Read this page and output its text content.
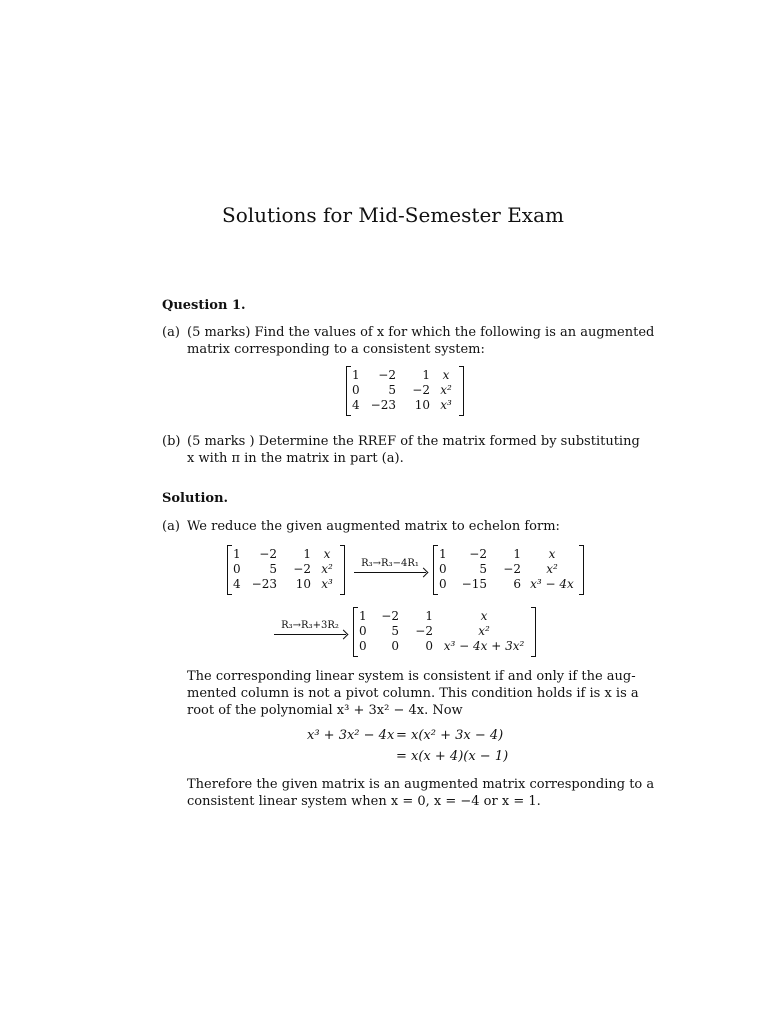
Solutions for Mid-Semester Exam
Question 1.
(a) (5 marks) Find the values of x for which the following is an augmented
matrix corresponding to a consistent system:
1	−2	1	x
0	5	−2 x²
4 −23	10 x³
(b) (5 marks ) Determine the RREF of the matrix formed by substituting
x with π in the matrix in part (a).
Solution.
(a) We reduce the given augmented matrix to echelon form:
1	−2	1	x
0	5	−2 x²
4 −23	10 x³
R₃→R₃−4R₁
1	−2	1	x
0	5	−2	x²
0	−15	6 x³ − 4x
R₃→R₃+3R₂
1	−2	1	x
0	5	−2	x²
0	0	0 x³ − 4x + 3x²
The corresponding linear system is consistent if and only if the aug-
mented column is not a pivot column. This condition holds if is x is a
root of the polynomial x³ + 3x² − 4x. Now
x³ + 3x² − 4x = x(x² + 3x − 4)
= x(x + 4)(x − 1)
Therefore the given matrix is an augmented matrix corresponding to a
consistent linear system when x = 0, x = −4 or x = 1.
